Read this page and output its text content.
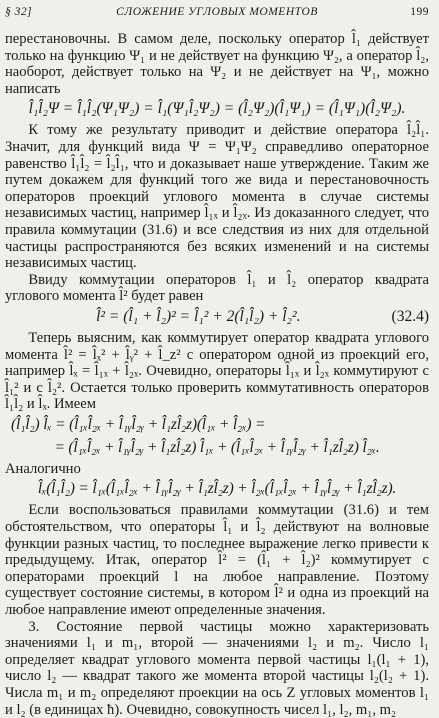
§ 32]	СЛОЖЕНИЕ УГЛОВЫХ МОМЕНТОВ	199

перестановочны. В самом деле, поскольку оператор l̂₁ действует только на функцию Ψ₁ и не действует на функцию Ψ₂, а оператор l̂₂, наоборот, действует только на Ψ₂ и не действует на Ψ₁, можно написать

l̂₁l̂₂Ψ = l̂₁l̂₂(Ψ₁Ψ₂) = l̂₁(Ψ₁l̂₂Ψ₂) = (l̂₂Ψ₂)(l̂₁Ψ₁) = (l̂₁Ψ₁)(l̂₂Ψ₂).

К тому же результату приводит и действие оператора l̂₂l̂₁. Значит, для функций вида Ψ = Ψ₁Ψ₂ справедливо операторное равенство l̂₁l̂₂ = l̂₂l̂₁, что и доказывает наше утверждение. Таким же путем докажем для функций того же вида и перестановочность операторов проекций углового момента в случае системы независимых частиц, например l̂₁ₓ и l̂₂ₓ. Из доказанного следует, что правила коммутации (31.6) и все следствия из них для отдельной частицы распространяются без всяких изменений и на системы независимых частиц.

Ввиду коммутации операторов l̂₁ и l̂₂ оператор квадрата углового момента l̂² будет равен

l̂² = (l̂₁ + l̂₂)² = l̂₁² + 2(l̂₁l̂₂) + l̂₂².	(32.4)

Теперь выясним, как коммутирует оператор квадрата углового момента l̂² = l̂ₓ² + l̂ᵧ² + l̂_z² с оператором одной из проекций его, например l̂ₓ = l̂₁ₓ + l̂₂ₓ. Очевидно, операторы l̂₁ₓ и l̂₂ₓ коммутируют с l̂₁² и с l̂₂². Остается только проверить коммутативность операторов l̂₁l̂₂ и l̂ₓ. Имеем

(l̂₁l̂₂) l̂ₓ = (l̂₁ₓl̂₂ₓ + l̂₁ᵧl̂₂ᵧ + l̂₁zl̂₂z)(l̂₁ₓ + l̂₂ₓ) =
= (l̂₁ₓl̂₂ₓ + l̂₁ᵧl̂₂ᵧ + l̂₁zl̂₂z) l̂₁ₓ + (l̂₁ₓl̂₂ₓ + l̂₁ᵧl̂₂ᵧ + l̂₁zl̂₂z) l̂₂ₓ.

Аналогично

l̂ₓ(l̂₁l̂₂) = l̂₁ₓ(l̂₁ₓl̂₂ₓ + l̂₁ᵧl̂₂ᵧ + l̂₁zl̂₂z) + l̂₂ₓ(l̂₁ₓl̂₂ₓ + l̂₁ᵧl̂₂ᵧ + l̂₁zl̂₂z).

Если воспользоваться правилами коммутации (31.6) и тем обстоятельством, что операторы l̂₁ и l̂₂ действуют на волновые функции разных частиц, то последнее выражение легко привести к предыдущему. Итак, оператор l̂² = (l̂₁ + l̂₂)² коммутирует с операторами проекций l на любое направление. Поэтому существует состояние системы, в котором l̂² и одна из проекций на любое направление имеют определенные значения.

3. Состояние первой частицы можно характеризовать значениями l₁ и m₁, второй — значениями l₂ и m₂. Число l₁ определяет квадрат углового момента первой частицы l₁(l₁ + 1), число l₂ — квадрат такого же момента второй частицы l₂(l₂ + 1). Числа m₁ и m₂ определяют проекции на ось Z угловых моментов l₁ и l₂ (в единицах ħ). Очевидно, совокупность чисел l₁, l₂, m₁, m₂
